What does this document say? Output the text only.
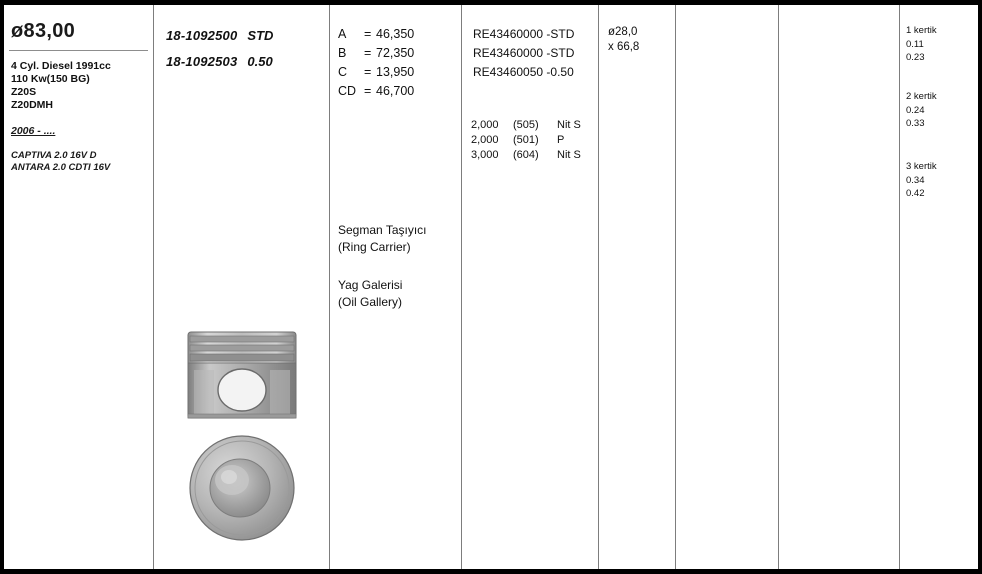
ø83,00
4 Cyl. Diesel 1991cc
110 Kw(150 BG)
Z20S
Z20DMH
2006 - ....
CAPTIVA 2.0 16V D
ANTARA 2.0 CDTI 16V
18-1092500 STD
18-1092503 0.50
A = 46,350
B = 72,350
C = 13,950
CD = 46,700
Segman Taşıyıcı
(Ring Carrier)
Yag Galerisi
(Oil Gallery)
RE43460000 -STD
RE43460000 -STD
RE43460050 -0.50
2,000 (505) Nit S
2,000 (501) P
3,000 (604) Nit S
ø28,0
x 66,8
1 kertik
0.11
0.23
2 kertik
0.24
0.33
3 kertik
0.34
0.42
